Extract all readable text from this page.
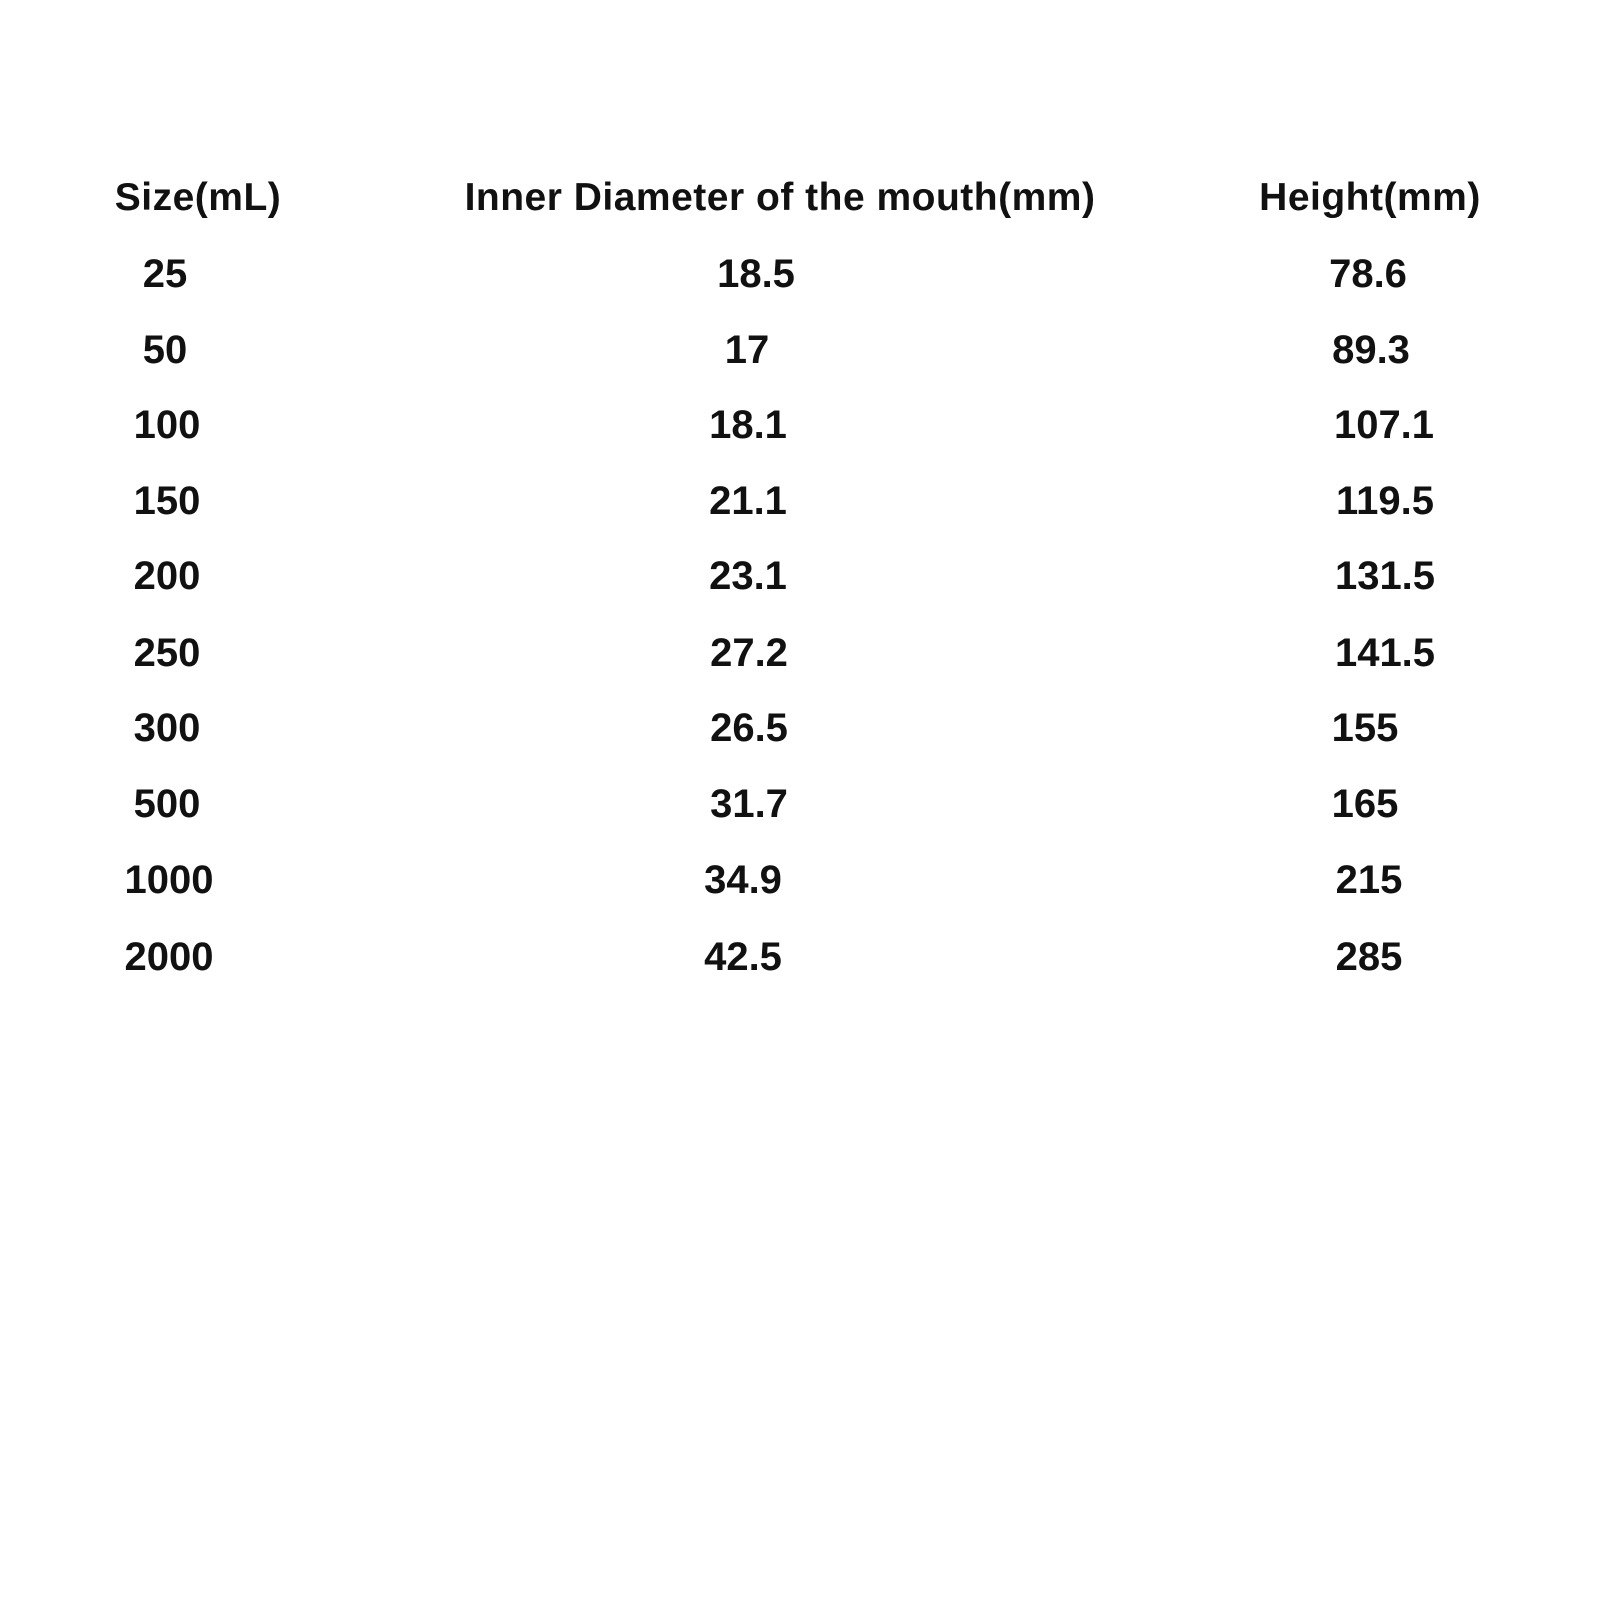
Size(mL)	Inner Diameter of the mouth(mm)	Height(mm)
25	18.5	78.6
50	17	89.3
100	18.1	107.1
150	21.1	119.5
200	23.1	131.5
250	27.2	141.5
300	26.5	155
500	31.7	165
1000	34.9	215
2000	42.5	285
